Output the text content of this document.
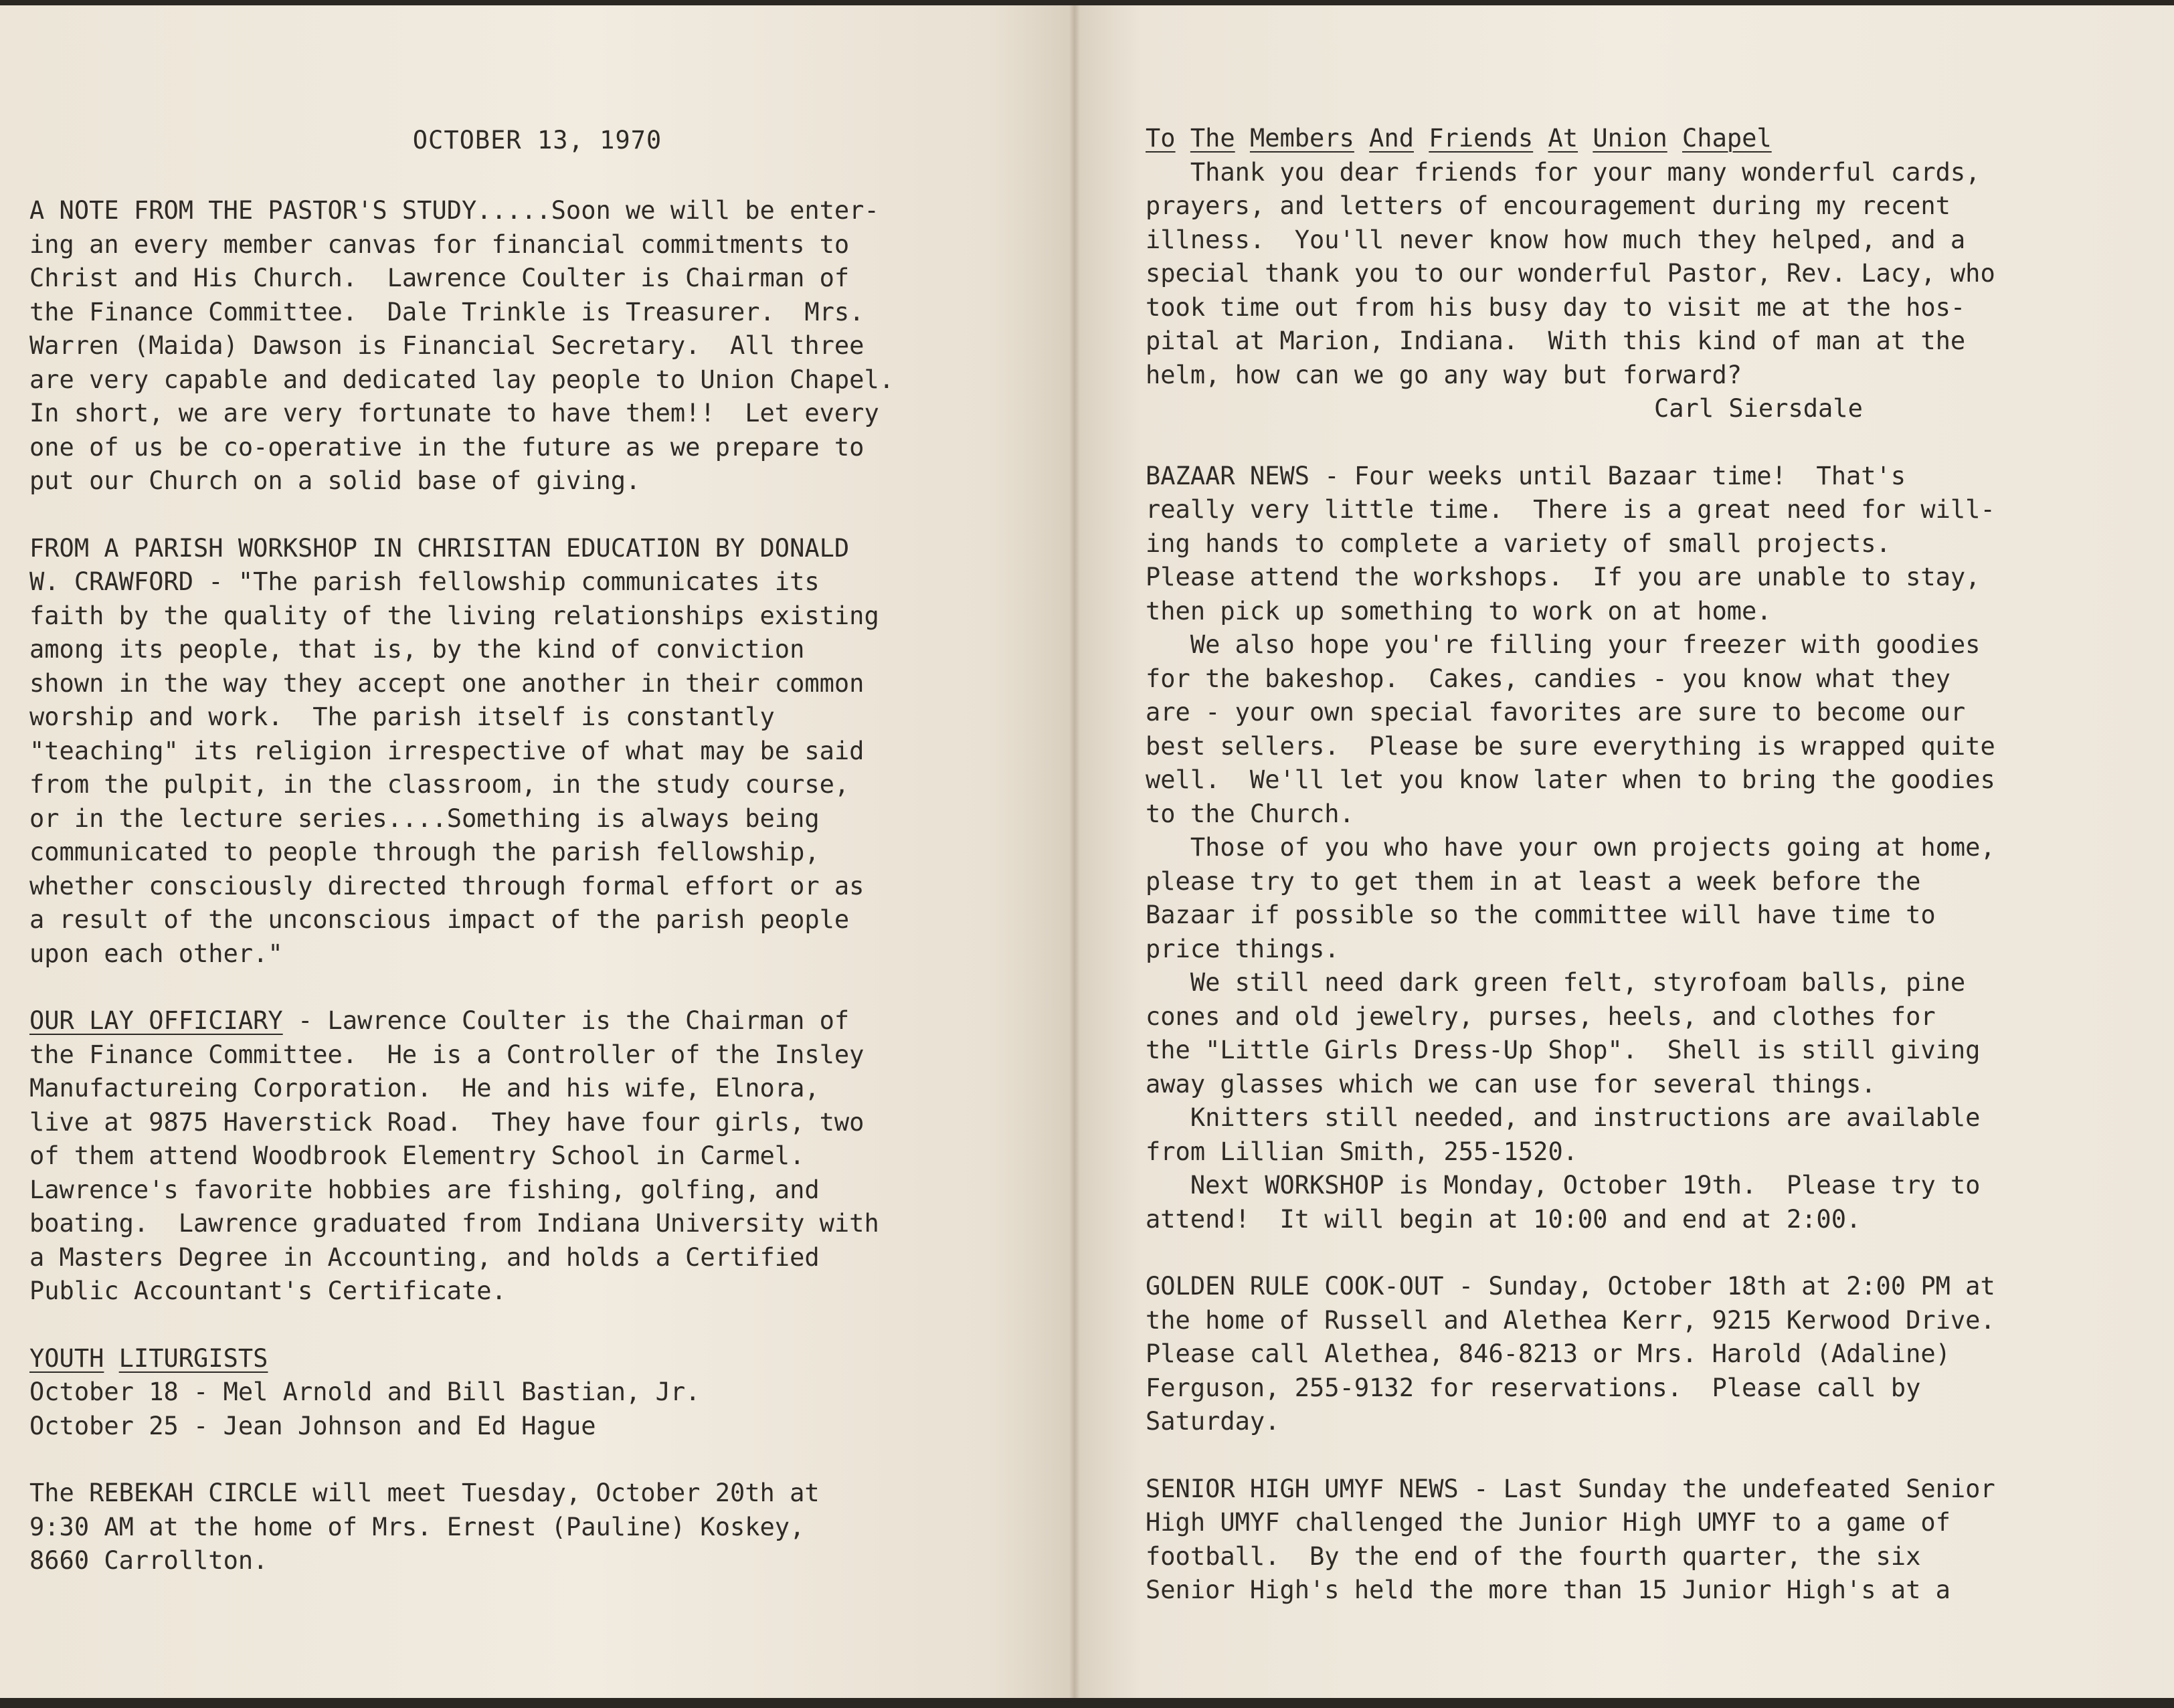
OCTOBER 13, 1970
A NOTE FROM THE PASTOR'S STUDY.....Soon we will be enter-
ing an every member canvas for financial commitments to
Christ and His Church.  Lawrence Coulter is Chairman of
the Finance Committee.  Dale Trinkle is Treasurer.  Mrs.
Warren (Maida) Dawson is Financial Secretary.  All three
are very capable and dedicated lay people to Union Chapel.
In short, we are very fortunate to have them!!  Let every
one of us be co-operative in the future as we prepare to
put our Church on a solid base of giving.
FROM A PARISH WORKSHOP IN CHRISITAN EDUCATION BY DONALD
W. CRAWFORD - "The parish fellowship communicates its
faith by the quality of the living relationships existing
among its people, that is, by the kind of conviction
shown in the way they accept one another in their common
worship and work.  The parish itself is constantly
"teaching" its religion irrespective of what may be said
from the pulpit, in the classroom, in the study course,
or in the lecture series....Something is always being
communicated to people through the parish fellowship,
whether consciously directed through formal effort or as
a result of the unconscious impact of the parish people
upon each other."
OUR LAY OFFICIARY - Lawrence Coulter is the Chairman of
the Finance Committee.  He is a Controller of the Insley
Manufactureing Corporation.  He and his wife, Elnora,
live at 9875 Haverstick Road.  They have four girls, two
of them attend Woodbrook Elementry School in Carmel.
Lawrence's favorite hobbies are fishing, golfing, and
boating.  Lawrence graduated from Indiana University with
a Masters Degree in Accounting, and holds a Certified
Public Accountant's Certificate.
YOUTH LITURGISTS
October 18 - Mel Arnold and Bill Bastian, Jr.
October 25 - Jean Johnson and Ed Hague
The REBEKAH CIRCLE will meet Tuesday, October 20th at
9:30 AM at the home of Mrs. Ernest (Pauline) Koskey,
8660 Carrollton.
To The Members And Friends At Union Chapel
Thank you dear friends for your many wonderful cards,
prayers, and letters of encouragement during my recent
illness.  You'll never know how much they helped, and a
special thank you to our wonderful Pastor, Rev. Lacy, who
took time out from his busy day to visit me at the hos-
pital at Marion, Indiana.  With this kind of man at the
helm, how can we go any way but forward?
Carl Siersdale
BAZAAR NEWS - Four weeks until Bazaar time!  That's
really very little time.  There is a great need for will-
ing hands to complete a variety of small projects.
Please attend the workshops.  If you are unable to stay,
then pick up something to work on at home.
We also hope you're filling your freezer with goodies
for the bakeshop.  Cakes, candies - you know what they
are - your own special favorites are sure to become our
best sellers.  Please be sure everything is wrapped quite
well.  We'll let you know later when to bring the goodies
to the Church.
Those of you who have your own projects going at home,
please try to get them in at least a week before the
Bazaar if possible so the committee will have time to
price things.
We still need dark green felt, styrofoam balls, pine
cones and old jewelry, purses, heels, and clothes for
the "Little Girls Dress-Up Shop".  Shell is still giving
away glasses which we can use for several things.
Knitters still needed, and instructions are available
from Lillian Smith, 255-1520.
Next WORKSHOP is Monday, October 19th.  Please try to
attend!  It will begin at 10:00 and end at 2:00.
GOLDEN RULE COOK-OUT - Sunday, October 18th at 2:00 PM at
the home of Russell and Alethea Kerr, 9215 Kerwood Drive.
Please call Alethea, 846-8213 or Mrs. Harold (Adaline)
Ferguson, 255-9132 for reservations.  Please call by
Saturday.
SENIOR HIGH UMYF NEWS - Last Sunday the undefeated Senior
High UMYF challenged the Junior High UMYF to a game of
football.  By the end of the fourth quarter, the six
Senior High's held the more than 15 Junior High's at a
